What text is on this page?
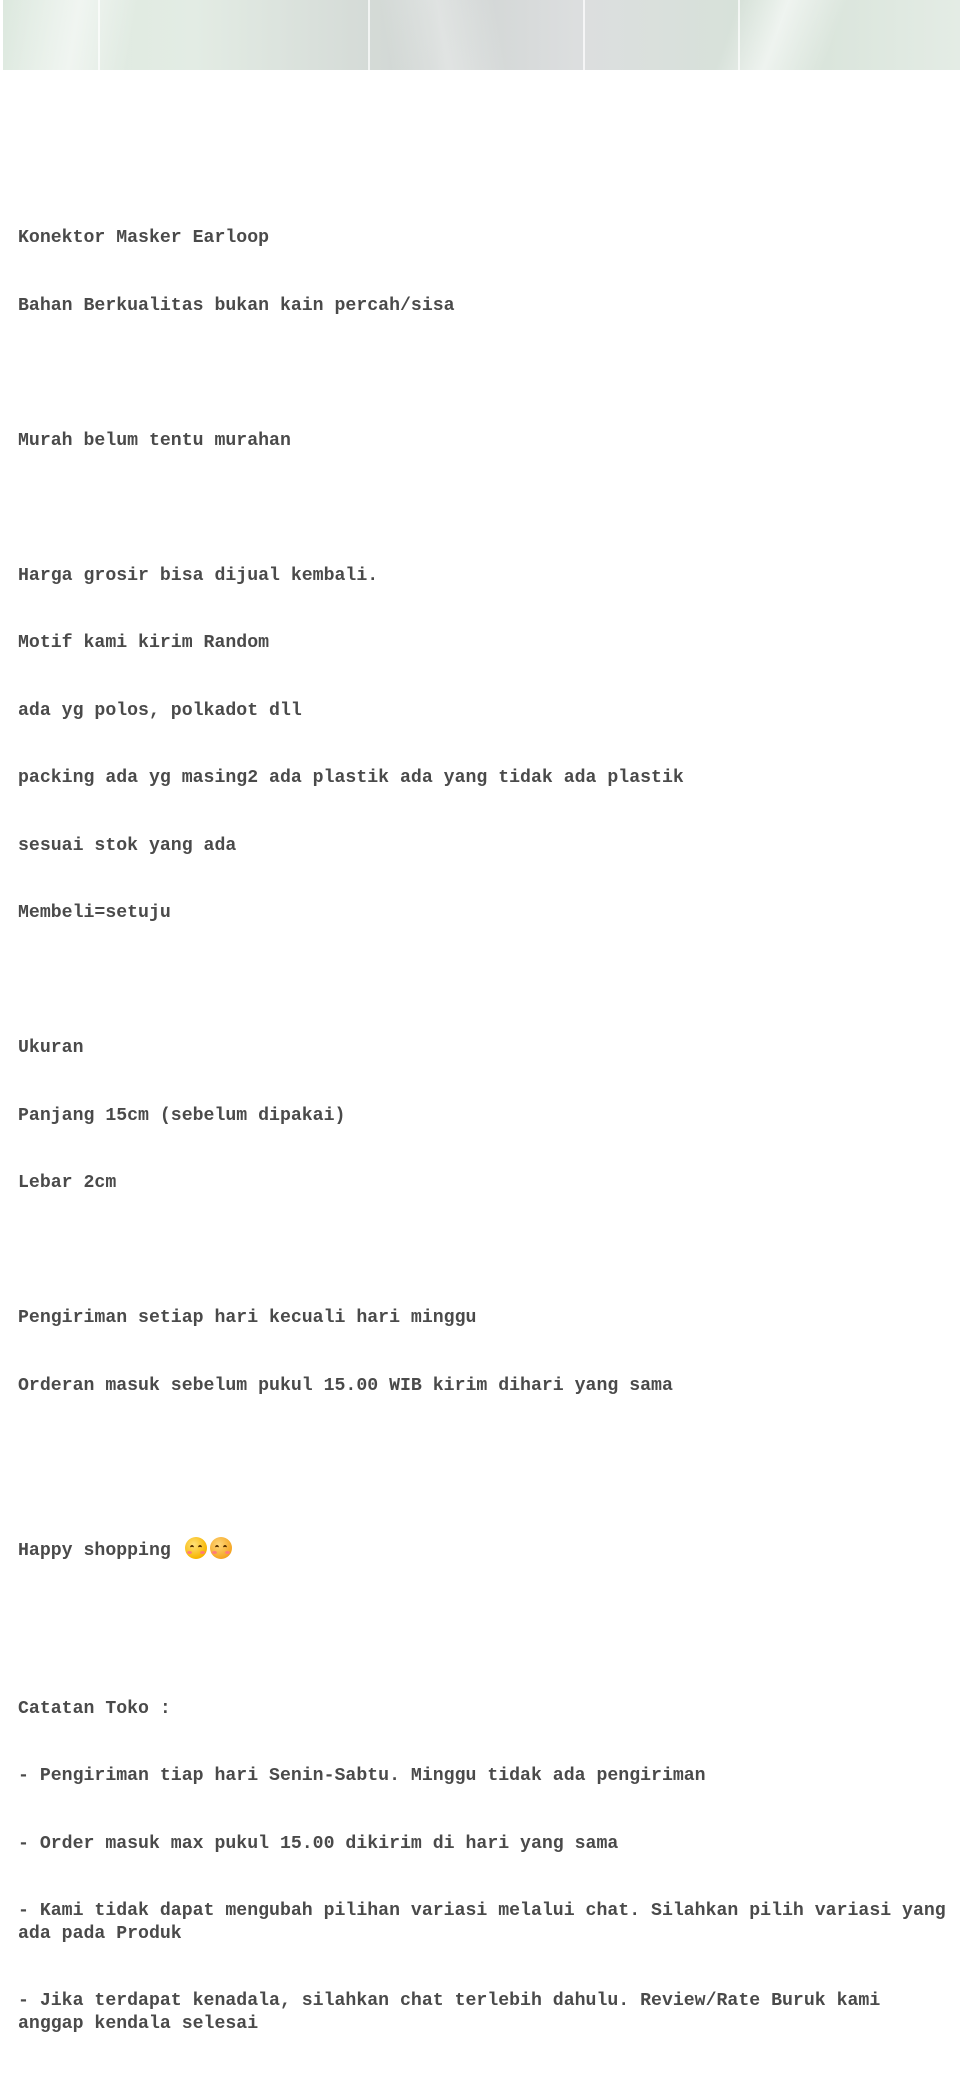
Konektor Masker Earloop

Bahan Berkualitas bukan kain percah/sisa

Murah belum tentu murahan

Harga grosir bisa dijual kembali.

Motif kami kirim Random

ada yg polos, polkadot dll

packing ada yg masing2 ada plastik ada yang tidak ada plastik

sesuai stok yang ada

Membeli=setuju

Ukuran

Panjang 15cm (sebelum dipakai)

Lebar 2cm

Pengiriman setiap hari kecuali hari minggu

Orderan masuk sebelum pukul 15.00 WIB kirim dihari yang sama

Happy shopping

Catatan Toko :

- Pengiriman tiap hari Senin-Sabtu. Minggu tidak ada pengiriman

- Order masuk max pukul 15.00 dikirim di hari yang sama

- Kami tidak dapat mengubah pilihan variasi melalui chat. Silahkan pilih variasi yang ada pada Produk

- Jika terdapat kenadala, silahkan chat terlebih dahulu. Review/Rate Buruk kami anggap kendala selesai
